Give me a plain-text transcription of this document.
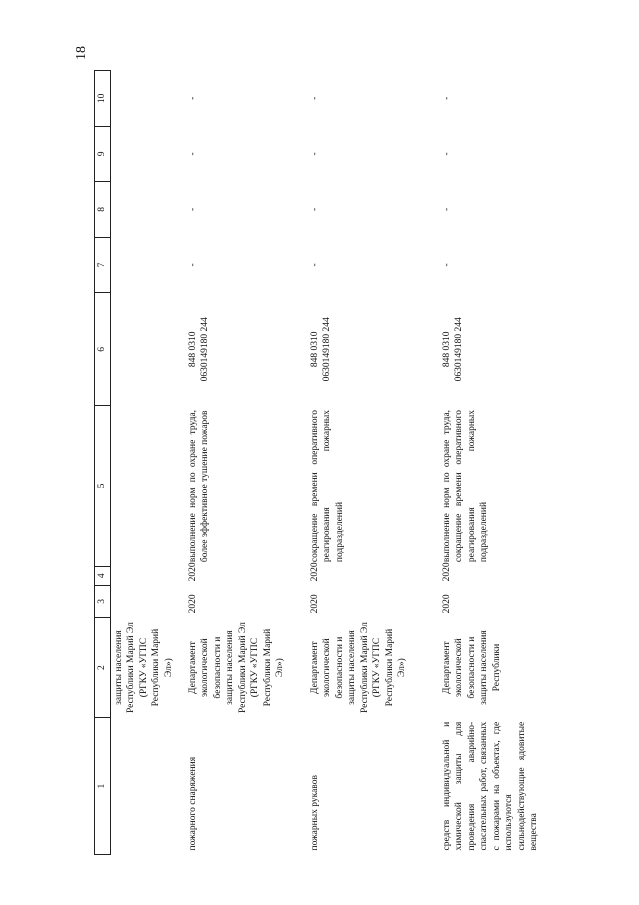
18
1	2	3	4	5	6	7	8	9	10
	защиты населения Республики Марий Эл (РГКУ «УГПС Республики Марий Эл»)								
пожарного снаряжения	Департамент экологической безопасности и защиты населения Республики Марий Эл (РГКУ «УГПС Республики Марий Эл»)	2020	2020	выполнение норм по охране труда, более эффективное тушение пожаров	848 0310 0630149180 244	-	-	-	-
пожарных рукавов	Департамент экологической безопасности и защиты населения Республики Марий Эл (РГКУ «УГПС Республики Марий Эл»)	2020	2020	сокращение времени оперативного реагирования пожарных подразделений	848 0310 0630149180 244	-	-	-	-
средств индивидуальной и химической защиты для проведения аварийно-спасательных работ, связанных с пожарами на объектах, где используются сильнодействующие ядовитые вещества	Департамент экологической безопасности и защиты населения Республики	2020	2020	выполнение норм по охране труда, сокращение времени оперативного реагирования пожарных подразделений	848 0310 0630149180 244	-	-	-	-
